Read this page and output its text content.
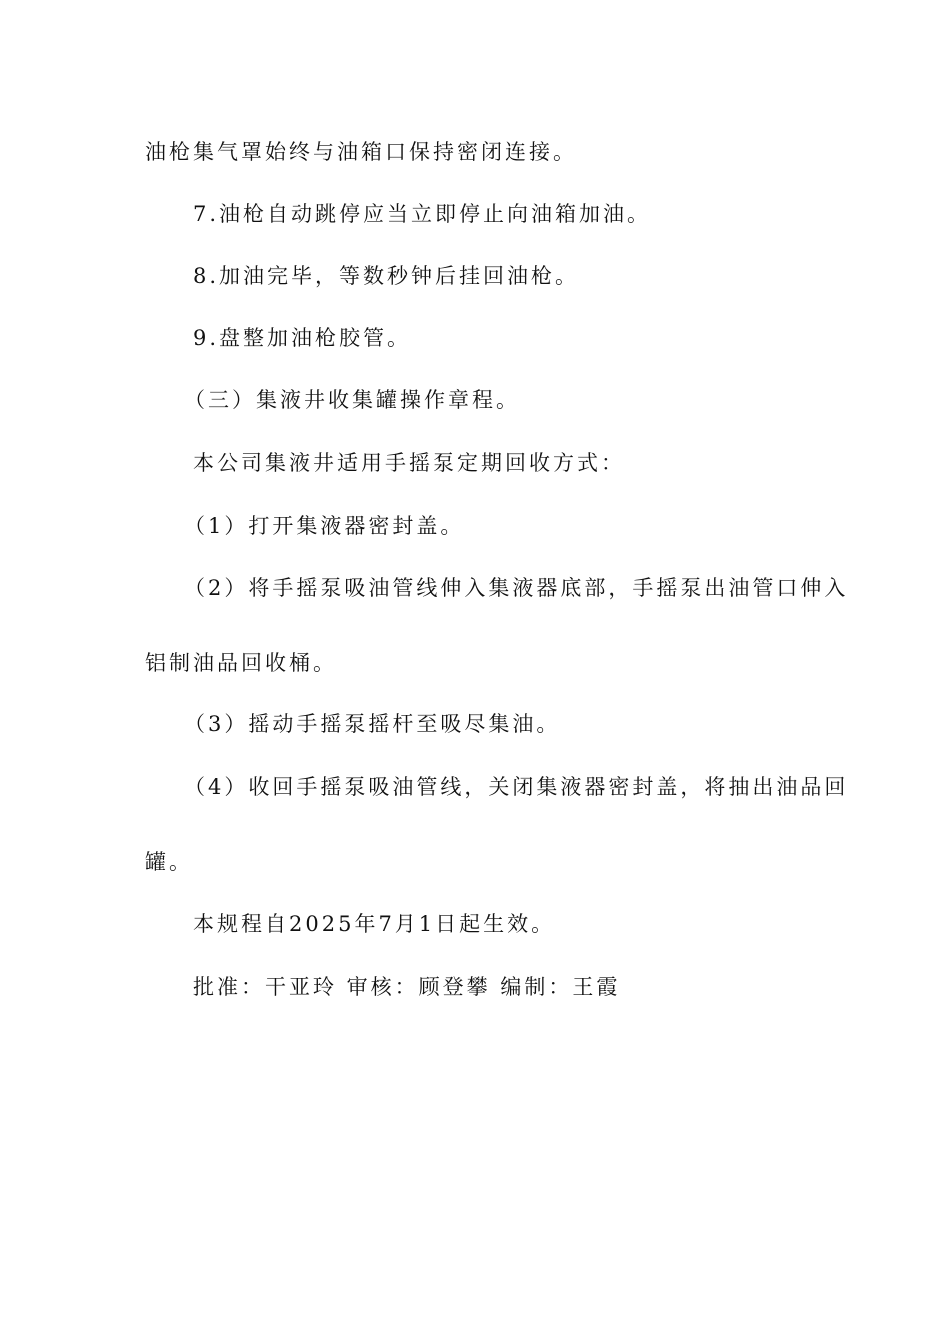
油枪集气罩始终与油箱口保持密闭连接。
7.油枪自动跳停应当立即停止向油箱加油。
8.加油完毕，等数秒钟后挂回油枪。
9.盘整加油枪胶管。
（三）集液井收集罐操作章程。
本公司集液井适用手摇泵定期回收方式：
（1）打开集液器密封盖。
（2）将手摇泵吸油管线伸入集液器底部，手摇泵出油管口伸入
铝制油品回收桶。
（3）摇动手摇泵摇杆至吸尽集油。
（4）收回手摇泵吸油管线，关闭集液器密封盖，将抽出油品回
罐。
本规程自2025年7月1日起生效。
批准：干亚玲 审核：顾登攀 编制：王霞
